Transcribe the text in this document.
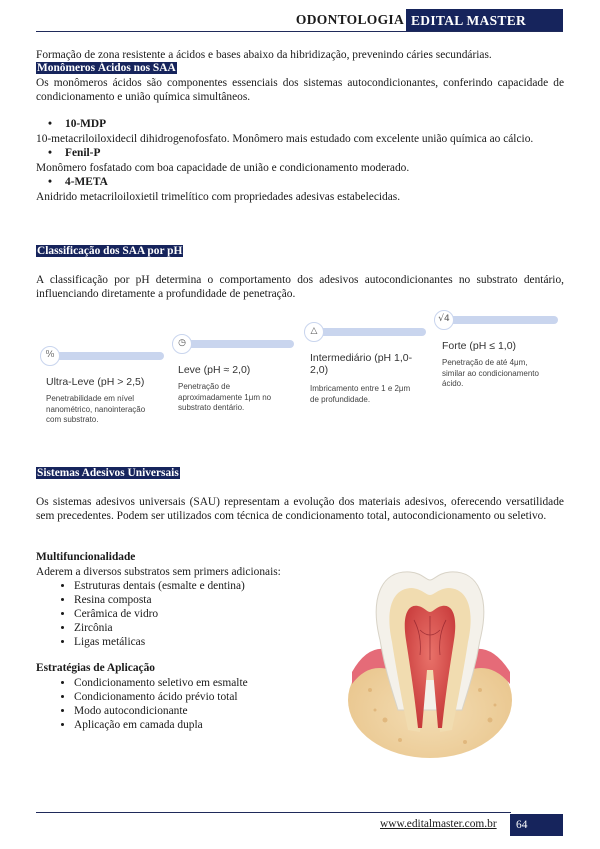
ODONTOLOGIA EDITAL MASTER
Formação de zona resistente a ácidos e bases abaixo da hibridização, prevenindo cáries secundárias.
Monômeros Ácidos nos SAA
Os monômeros ácidos são componentes essenciais dos sistemas autocondicionantes, conferindo capacidade de condicionamento e união química simultâneos.
• 10-MDP
10-metacriloiloxidecil dihidrogenofosfato. Monômero mais estudado com excelente união química ao cálcio.
• Fenil-P
Monômero fosfatado com boa capacidade de união e condicionamento moderado.
• 4-META
Anidrido metacriloiloxietil trimelítico com propriedades adesivas estabelecidas.
Classificação dos SAA por pH
A classificação por pH determina o comportamento dos adesivos autocondicionantes no substrato dentário, influenciando diretamente a profundidade de penetração.
⁰⁄₀
Ultra-Leve (pH > 2,5)
Penetrabilidade em nível nanométrico, nanointeração com substrato.
◷
Leve (pH ≈ 2,0)
Penetração de aproximadamente 1μm no substrato dentário.
△
Intermediário (pH 1,0-2,0)
Imbricamento entre 1 e 2μm de profundidade.
√4
Forte (pH ≤ 1,0)
Penetração de até 4μm, similar ao condicionamento ácido.
Sistemas Adesivos Universais
Os sistemas adesivos universais (SAU) representam a evolução dos materiais adesivos, oferecendo versatilidade sem precedentes. Podem ser utilizados com técnica de condicionamento total, autocondicionamento ou seletivo.
Multifuncionalidade
Aderem a diversos substratos sem primers adicionais:
• Estruturas dentais (esmalte e dentina)
• Resina composta
• Cerâmica de vidro
• Zircônia
• Ligas metálicas
Estratégias de Aplicação
• Condicionamento seletivo em esmalte
• Condicionamento ácido prévio total
• Modo autocondicionante
• Aplicação em camada dupla
www.editalmaster.com.br	64
